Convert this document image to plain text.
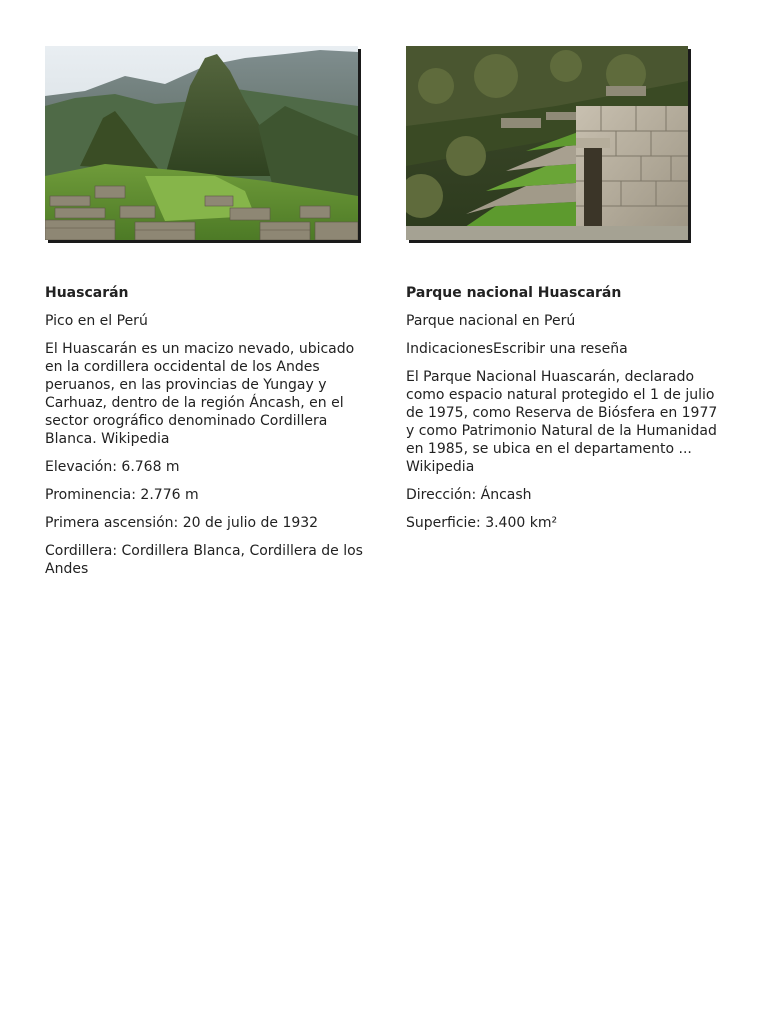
Huascarán
Pico en el Perú
El Huascarán es un macizo nevado, ubicado en la cordillera occidental de los Andes peruanos, en las provincias de Yungay y Carhuaz, dentro de la región Áncash, en el sector orográfico denominado Cordillera Blanca. Wikipedia
Elevación: 6.768 m
Prominencia: 2.776 m
Primera ascensión: 20 de julio de 1932
Cordillera: Cordillera Blanca, Cordillera de los Andes
Parque nacional Huascarán
Parque nacional en Perú
IndicacionesEscribir una reseña
El Parque Nacional Huascarán, declarado como espacio natural protegido el 1 de julio de 1975, como Reserva de Biósfera en 1977 y como Patrimonio Natural de la Humanidad en 1985, se ubica en el departamento ... Wikipedia
Dirección: Áncash
Superficie: 3.400 km²
